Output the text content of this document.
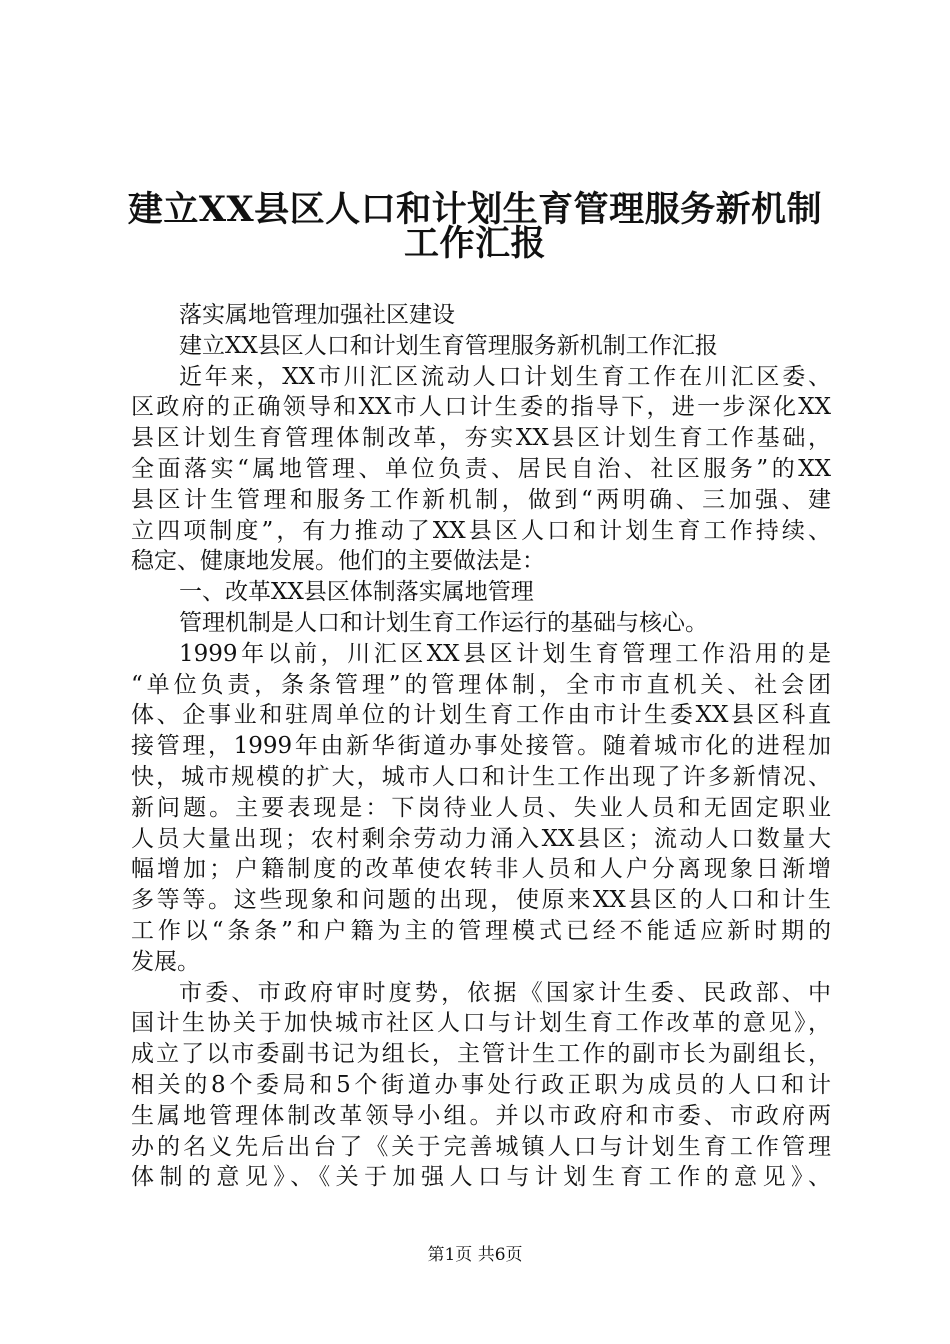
建立XX县区人口和计划生育管理服务新机制
工作汇报
落实属地管理加强社区建设
建立XX县区人口和计划生育管理服务新机制工作汇报
近年来，XX市川汇区流动人口计划生育工作在川汇区委、
区政府的正确领导和XX市人口计生委的指导下，进一步深化XX
县区计划生育管理体制改革，夯实XX县区计划生育工作基础，
全面落实“属地管理、单位负责、居民自治、社区服务”的XX
县区计生管理和服务工作新机制，做到“两明确、三加强、建
立四项制度”，有力推动了XX县区人口和计划生育工作持续、
稳定、健康地发展。他们的主要做法是：
一、改革XX县区体制落实属地管理
管理机制是人口和计划生育工作运行的基础与核心。
1999年以前，川汇区XX县区计划生育管理工作沿用的是
“单位负责，条条管理”的管理体制，全市市直机关、社会团
体、企事业和驻周单位的计划生育工作由市计生委XX县区科直
接管理，1999年由新华街道办事处接管。随着城市化的进程加
快，城市规模的扩大，城市人口和计生工作出现了许多新情况、
新问题。主要表现是：下岗待业人员、失业人员和无固定职业
人员大量出现；农村剩余劳动力涌入XX县区；流动人口数量大
幅增加；户籍制度的改革使农转非人员和人户分离现象日渐增
多等等。这些现象和问题的出现，使原来XX县区的人口和计生
工作以“条条”和户籍为主的管理模式已经不能适应新时期的
发展。
市委、市政府审时度势，依据《国家计生委、民政部、中
国计生协关于加快城市社区人口与计划生育工作改革的意见》，
成立了以市委副书记为组长，主管计生工作的副市长为副组长，
相关的8个委局和5个街道办事处行政正职为成员的人口和计
生属地管理体制改革领导小组。并以市政府和市委、市政府两
办的名义先后出台了《关于完善城镇人口与计划生育工作管理
体制的意见》、《关于加强人口与计划生育工作的意见》、
第1页 共6页
